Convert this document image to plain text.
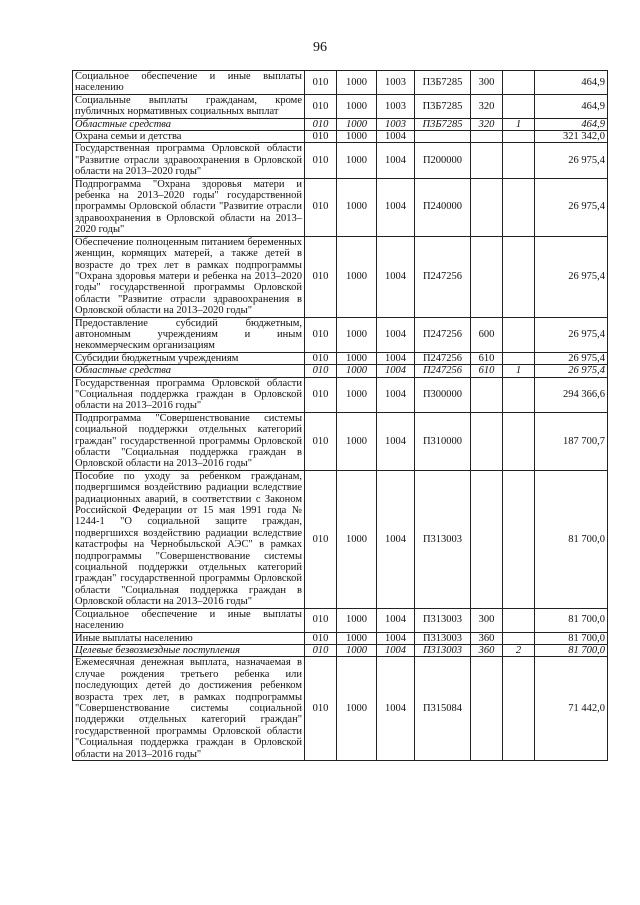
96
Социальное обеспечение и иные выплаты населению	010	1000	1003	П3Б7285	300		464,9
Социальные выплаты гражданам, кроме публичных нормативных социальных выплат	010	1000	1003	П3Б7285	320		464,9
Областные средства	010	1000	1003	П3Б7285	320	1	464,9
Охрана семьи и детства	010	1000	1004				321 342,0
Государственная программа Орловской области "Развитие отрасли здравоохранения в Орловской области на 2013–2020 годы"	010	1000	1004	П200000			26 975,4
Подпрограмма "Охрана здоровья матери и ребенка на 2013–2020 годы" государственной программы Орловской области "Развитие отрасли здравоохранения в Орловской области на 2013–2020 годы"	010	1000	1004	П240000			26 975,4
Обеспечение полноценным питанием беременных женщин, кормящих матерей, а также детей в возрасте до трех лет в рамках подпрограммы "Охрана здоровья матери и ребенка на 2013–2020 годы" государственной программы Орловской области "Развитие отрасли здравоохранения в Орловской области на 2013–2020 годы"	010	1000	1004	П247256			26 975,4
Предоставление субсидий бюджетным, автономным учреждениям и иным некоммерческим организациям	010	1000	1004	П247256	600		26 975,4
Субсидии бюджетным учреждениям	010	1000	1004	П247256	610		26 975,4
Областные средства	010	1000	1004	П247256	610	1	26 975,4
Государственная программа Орловской области "Социальная поддержка граждан в Орловской области на 2013–2016 годы"	010	1000	1004	П300000			294 366,6
Подпрограмма "Совершенствование системы социальной поддержки отдельных категорий граждан" государственной программы Орловской области "Социальная поддержка граждан в Орловской области на 2013–2016 годы"	010	1000	1004	П310000			187 700,7
Пособие по уходу за ребенком гражданам, подвергшимся воздействию радиации вследствие радиационных аварий, в соответствии с Законом Российской Федерации от 15 мая 1991 года № 1244-1 "О социальной защите граждан, подвергшихся воздействию радиации вследствие катастрофы на Чернобыльской АЭС" в рамках подпрограммы "Совершенствование системы социальной поддержки отдельных категорий граждан" государственной программы Орловской области "Социальная поддержка граждан в Орловской области на 2013–2016 годы"	010	1000	1004	П313003			81 700,0
Социальное обеспечение и иные выплаты населению	010	1000	1004	П313003	300		81 700,0
Иные выплаты населению	010	1000	1004	П313003	360		81 700,0
Целевые безвозмездные поступления	010	1000	1004	П313003	360	2	81 700,0
Ежемесячная денежная выплата, назначаемая в случае рождения третьего ребенка или последующих детей до достижения ребенком возраста трех лет, в рамках подпрограммы "Совершенствование системы социальной поддержки отдельных категорий граждан" государственной программы Орловской области "Социальная поддержка граждан в Орловской области на 2013–2016 годы"	010	1000	1004	П315084			71 442,0
